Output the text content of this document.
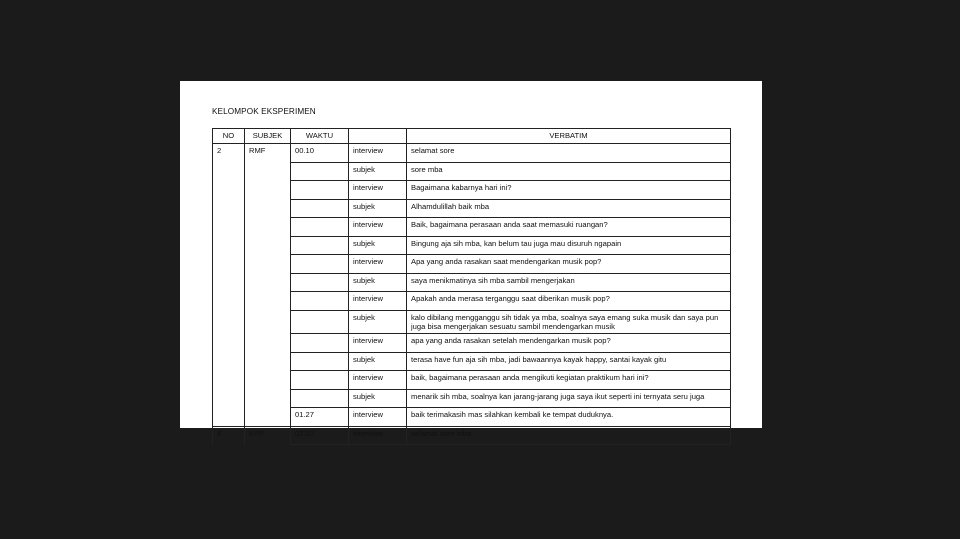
KELOMPOK EKSPERIMEN
NO	SUBJEK	WAKTU		VERBATIM
2	RMF	00.10	interview	selamat sore
			subjek	sore mba
			interview	Bagaimana kabarnya hari ini?
			subjek	Alhamdulillah baik mba
			interview	Baik, bagaimana perasaan anda saat memasuki ruangan?
			subjek	Bingung aja sih mba, kan belum tau juga mau disuruh ngapain
			interview	Apa yang anda rasakan saat mendengarkan musik pop?
			subjek	saya menikmatinya sih mba sambil mengerjakan
			interview	Apakah anda merasa terganggu saat diberikan musik pop?
			subjek	kalo dibilang mengganggu sih tidak ya mba, soalnya saya emang suka musik dan saya pun juga bisa mengerjakan sesuatu sambil mendengarkan musik
			interview	apa yang anda rasakan setelah mendengarkan musik pop?
			subjek	terasa have fun aja sih mba, jadi bawaannya kayak happy, santai kayak gitu
			interview	baik, bagaimana perasaan anda mengikuti kegiatan praktikum hari ini?
			subjek	menarik sih mba, soalnya kan jarang-jarang juga saya ikut seperti ini ternyata seru juga
		01.27	interview	baik terimakasih mas silahkan kembali ke tempat duduknya.
4	KPP	02.03	interview	selamat sore mba
